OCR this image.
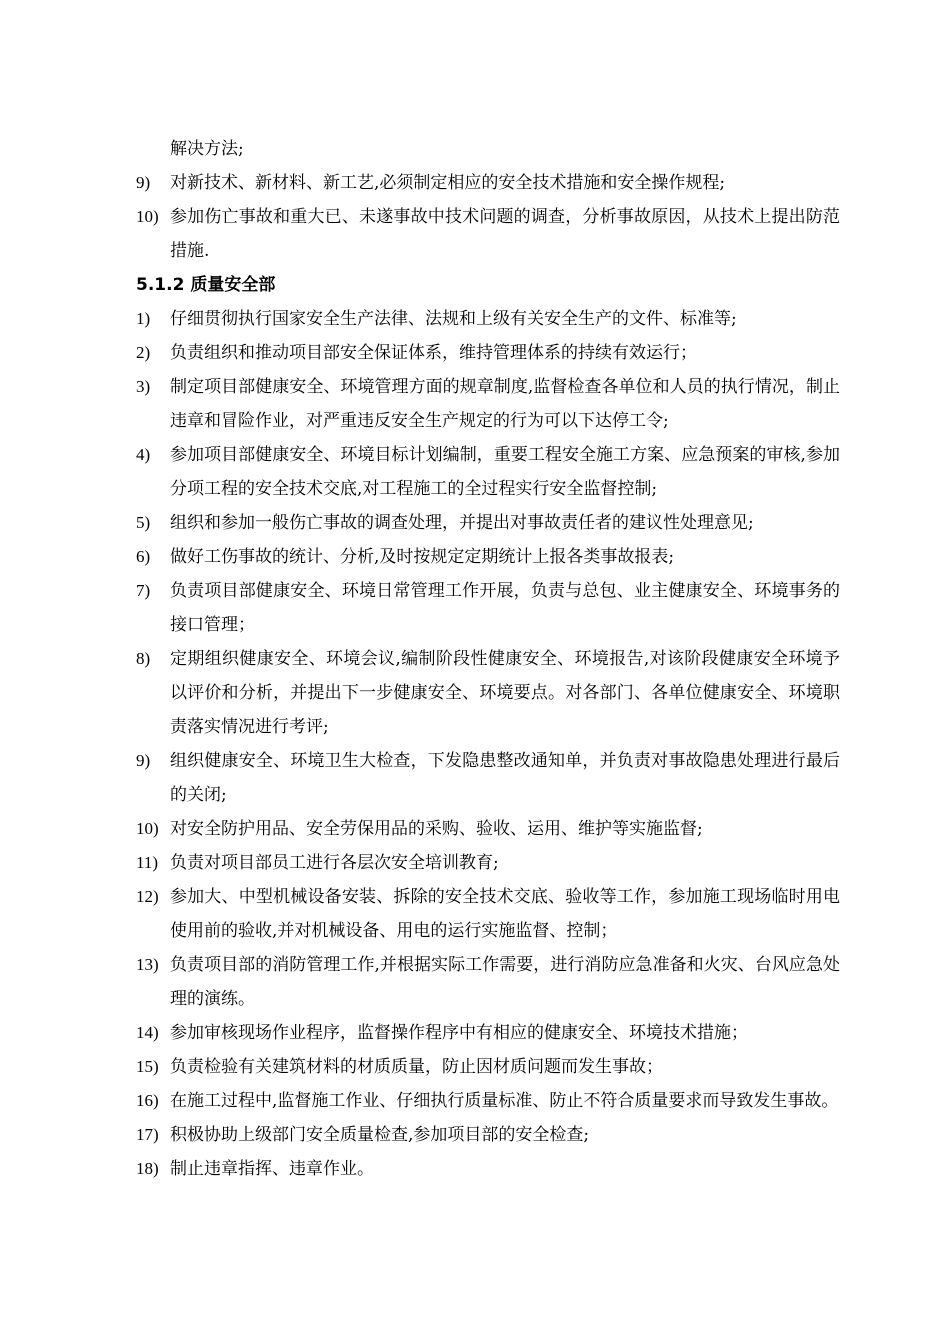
解决方法;
9)	对新技术、新材料、新工艺,必须制定相应的安全技术措施和安全操作规程;
10) 参加伤亡事故和重大已、未遂事故中技术问题的调查，分析事故原因，从技术上提出防范措施.
5.1.2 质量安全部
1)	仔细贯彻执行国家安全生产法律、法规和上级有关安全生产的文件、标准等;
2)	负责组织和推动项目部安全保证体系，维持管理体系的持续有效运行；
3)	制定项目部健康安全、环境管理方面的规章制度,监督检查各单位和人员的执行情况，制止违章和冒险作业，对严重违反安全生产规定的行为可以下达停工令;
4)	参加项目部健康安全、环境目标计划编制，重要工程安全施工方案、应急预案的审核,参加分项工程的安全技术交底,对工程施工的全过程实行安全监督控制;
5)	组织和参加一般伤亡事故的调查处理，并提出对事故责任者的建议性处理意见;
6)	做好工伤事故的统计、分析,及时按规定定期统计上报各类事故报表;
7)	负责项目部健康安全、环境日常管理工作开展，负责与总包、业主健康安全、环境事务的接口管理；
8)	定期组织健康安全、环境会议,编制阶段性健康安全、环境报告,对该阶段健康安全环境予以评价和分析，并提出下一步健康安全、环境要点。对各部门、各单位健康安全、环境职责落实情况进行考评;
9)	组织健康安全、环境卫生大检查，下发隐患整改通知单，并负责对事故隐患处理进行最后的关闭;
10) 对安全防护用品、安全劳保用品的采购、验收、运用、维护等实施监督;
11) 负责对项目部员工进行各层次安全培训教育;
12) 参加大、中型机械设备安装、拆除的安全技术交底、验收等工作，参加施工现场临时用电使用前的验收,并对机械设备、用电的运行实施监督、控制；
13) 负责项目部的消防管理工作,并根据实际工作需要，进行消防应急准备和火灾、台风应急处理的演练。
14) 参加审核现场作业程序，监督操作程序中有相应的健康安全、环境技术措施；
15) 负责检验有关建筑材料的材质质量，防止因材质问题而发生事故；
16) 在施工过程中,监督施工作业、仔细执行质量标准、防止不符合质量要求而导致发生事故。
17) 积极协助上级部门安全质量检查,参加项目部的安全检查;
18) 制止违章指挥、违章作业。
